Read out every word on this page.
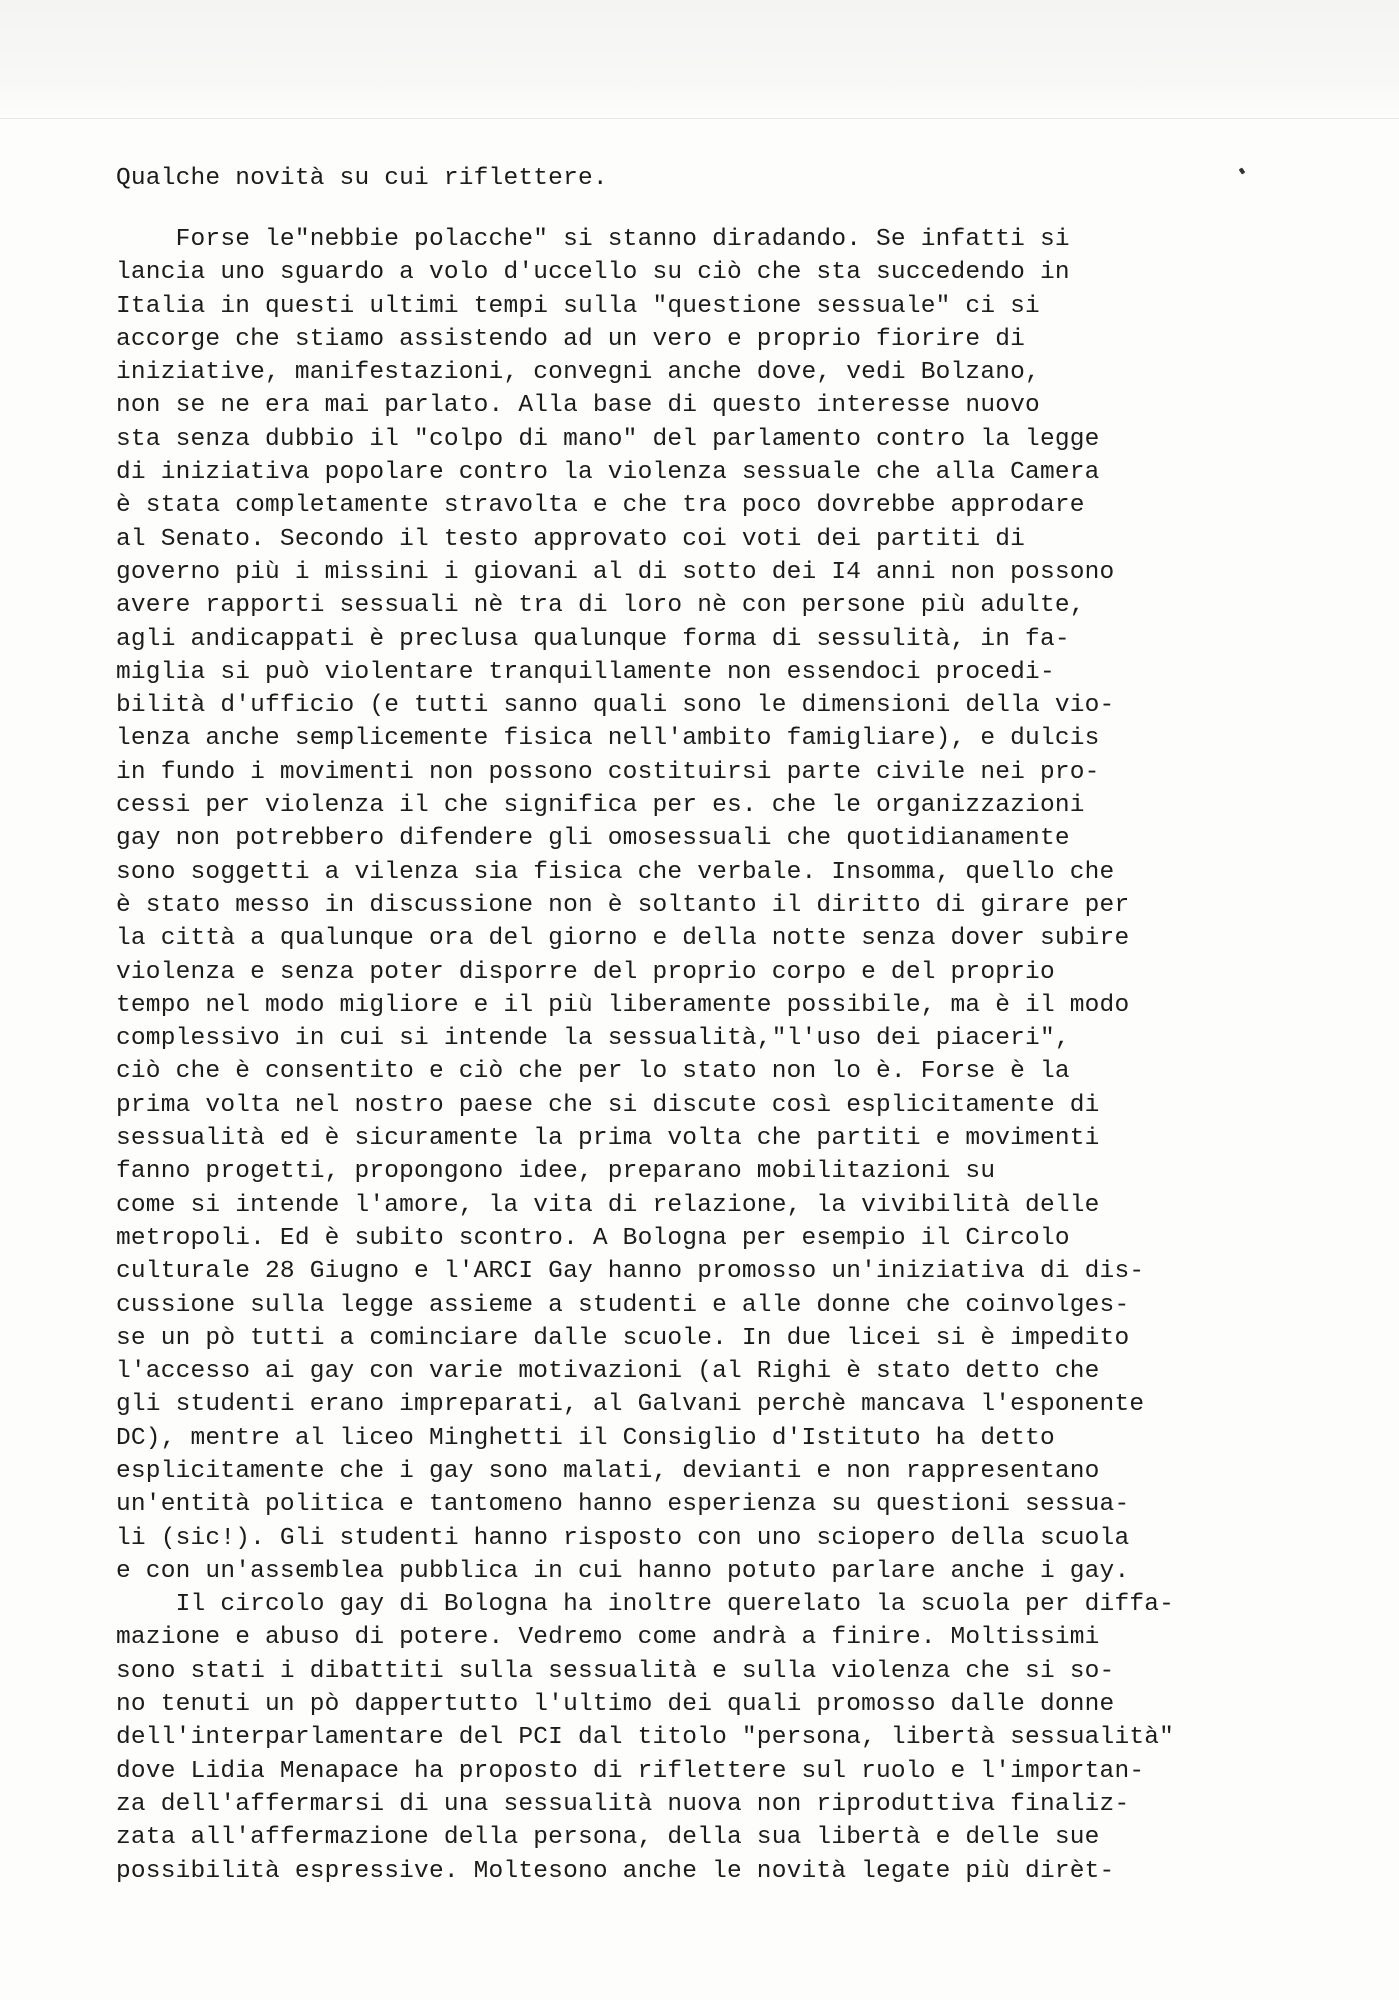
Qualche novità su cui riflettere.
Forse le"nebbie polacche" si stanno diradando. Se infatti si
lancia uno sguardo a volo d'uccello su ciò che sta succedendo in
Italia in questi ultimi tempi sulla "questione sessuale" ci si
accorge che stiamo assistendo ad un vero e proprio fiorire di
iniziative, manifestazioni, convegni anche dove, vedi Bolzano,
non se ne era mai parlato. Alla base di questo interesse nuovo
sta senza dubbio il "colpo di mano" del parlamento contro la legge
di iniziativa popolare contro la violenza sessuale che alla Camera
è stata completamente stravolta e che tra poco dovrebbe approdare
al Senato. Secondo il testo approvato coi voti dei partiti di
governo più i missini i giovani al di sotto dei I4 anni non possono
avere rapporti sessuali nè tra di loro nè con persone più adulte,
agli andicappati è preclusa qualunque forma di sessulità, in fa-
miglia si può violentare tranquillamente non essendoci procedi-
bilità d'ufficio (e tutti sanno quali sono le dimensioni della vio-
lenza anche semplicemente fisica nell'ambito famigliare), e dulcis
in fundo i movimenti non possono costituirsi parte civile nei pro-
cessi per violenza il che significa per es. che le organizzazioni
gay non potrebbero difendere gli omosessuali che quotidianamente
sono soggetti a vilenza sia fisica che verbale. Insomma, quello che
è stato messo in discussione non è soltanto il diritto di girare per
la città a qualunque ora del giorno e della notte senza dover subire
violenza e senza poter disporre del proprio corpo e del proprio
tempo nel modo migliore e il più liberamente possibile, ma è il modo
complessivo in cui si intende la sessualità,"l'uso dei piaceri",
ciò che è consentito e ciò che per lo stato non lo è. Forse è la
prima volta nel nostro paese che si discute così esplicitamente di
sessualità ed è sicuramente la prima volta che partiti e movimenti
fanno progetti, propongono idee, preparano mobilitazioni su
come si intende l'amore, la vita di relazione, la vivibilità delle
metropoli. Ed è subito scontro. A Bologna per esempio il Circolo
culturale 28 Giugno e l'ARCI Gay hanno promosso un'iniziativa di dis-
cussione sulla legge assieme a studenti e alle donne che coinvolges-
se un pò tutti a cominciare dalle scuole. In due licei si è impedito
l'accesso ai gay con varie motivazioni (al Righi è stato detto che
gli studenti erano impreparati, al Galvani perchè mancava l'esponente
DC), mentre al liceo Minghetti il Consiglio d'Istituto ha detto
esplicitamente che i gay sono malati, devianti e non rappresentano
un'entità politica e tantomeno hanno esperienza su questioni sessua-
li (sic!). Gli studenti hanno risposto con uno sciopero della scuola
e con un'assemblea pubblica in cui hanno potuto parlare anche i gay.
Il circolo gay di Bologna ha inoltre querelato la scuola per diffa-
mazione e abuso di potere. Vedremo come andrà a finire. Moltissimi
sono stati i dibattiti sulla sessualità e sulla violenza che si so-
no tenuti un pò dappertutto l'ultimo dei quali promosso dalle donne
dell'interparlamentare del PCI dal titolo "persona, libertà sessualità"
dove Lidia Menapace ha proposto di riflettere sul ruolo e l'importan-
za dell'affermarsi di una sessualità nuova non riproduttiva finaliz-
zata all'affermazione della persona, della sua libertà e delle sue
possibilità espressive. Moltesono anche le novità legate più dirèt-
